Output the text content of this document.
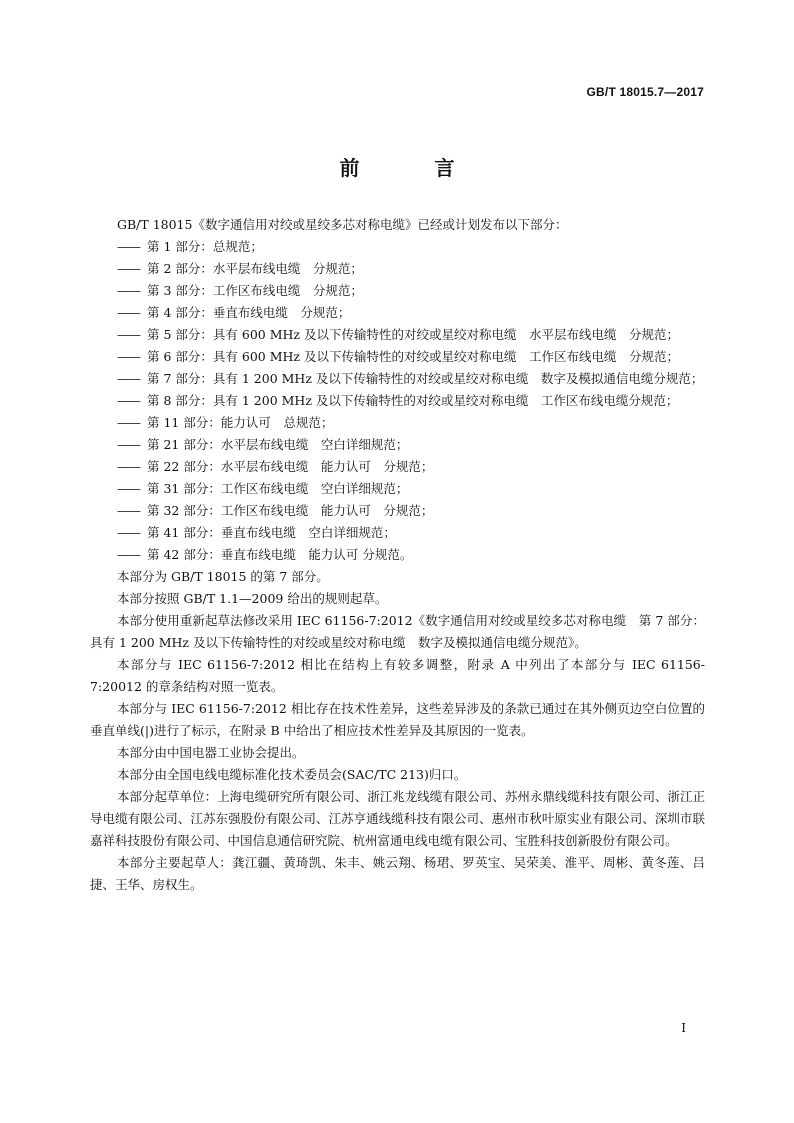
GB/T 18015.7—2017
前 言
GB/T 18015《数字通信用对绞或星绞多芯对称电缆》已经或计划发布以下部分：
—— 第 1 部分：总规范；
—— 第 2 部分：水平层布线电缆　分规范；
—— 第 3 部分：工作区布线电缆　分规范；
—— 第 4 部分：垂直布线电缆　分规范；
—— 第 5 部分：具有 600 MHz 及以下传输特性的对绞或星绞对称电缆　水平层布线电缆　分规范；
—— 第 6 部分：具有 600 MHz 及以下传输特性的对绞或星绞对称电缆　工作区布线电缆　分规范；
—— 第 7 部分：具有 1 200 MHz 及以下传输特性的对绞或星绞对称电缆　数字及模拟通信电缆分规范；
—— 第 8 部分：具有 1 200 MHz 及以下传输特性的对绞或星绞对称电缆　工作区布线电缆分规范；
—— 第 11 部分：能力认可　总规范；
—— 第 21 部分：水平层布线电缆　空白详细规范；
—— 第 22 部分：水平层布线电缆　能力认可　分规范；
—— 第 31 部分：工作区布线电缆　空白详细规范；
—— 第 32 部分：工作区布线电缆　能力认可　分规范；
—— 第 41 部分：垂直布线电缆　空白详细规范；
—— 第 42 部分：垂直布线电缆　能力认可 分规范。
本部分为 GB/T 18015 的第 7 部分。
本部分按照 GB/T 1.1—2009 给出的规则起草。
本部分使用重新起草法修改采用 IEC 61156-7:2012《数字通信用对绞或星绞多芯对称电缆　第 7 部分：具有 1 200 MHz 及以下传输特性的对绞或星绞对称电缆　数字及模拟通信电缆分规范》。
本部分与 IEC 61156-7:2012 相比在结构上有较多调整，附录 A 中列出了本部分与 IEC 61156-7:20012 的章条结构对照一览表。
本部分与 IEC 61156-7:2012 相比存在技术性差异，这些差异涉及的条款已通过在其外侧页边空白位置的垂直单线(|)进行了标示，在附录 B 中给出了相应技术性差异及其原因的一览表。
本部分由中国电器工业协会提出。
本部分由全国电线电缆标准化技术委员会(SAC/TC 213)归口。
本部分起草单位：上海电缆研究所有限公司、浙江兆龙线缆有限公司、苏州永鼎线缆科技有限公司、浙江正导电缆有限公司、江苏东强股份有限公司、江苏亨通线缆科技有限公司、惠州市秋叶原实业有限公司、深圳市联嘉祥科技股份有限公司、中国信息通信研究院、杭州富通电线电缆有限公司、宝胜科技创新股份有限公司。
本部分主要起草人：龚江疆、黄琦凯、朱丰、姚云翔、杨珺、罗英宝、吴荣美、淮平、周彬、黄冬莲、吕捷、王华、房权生。
I
